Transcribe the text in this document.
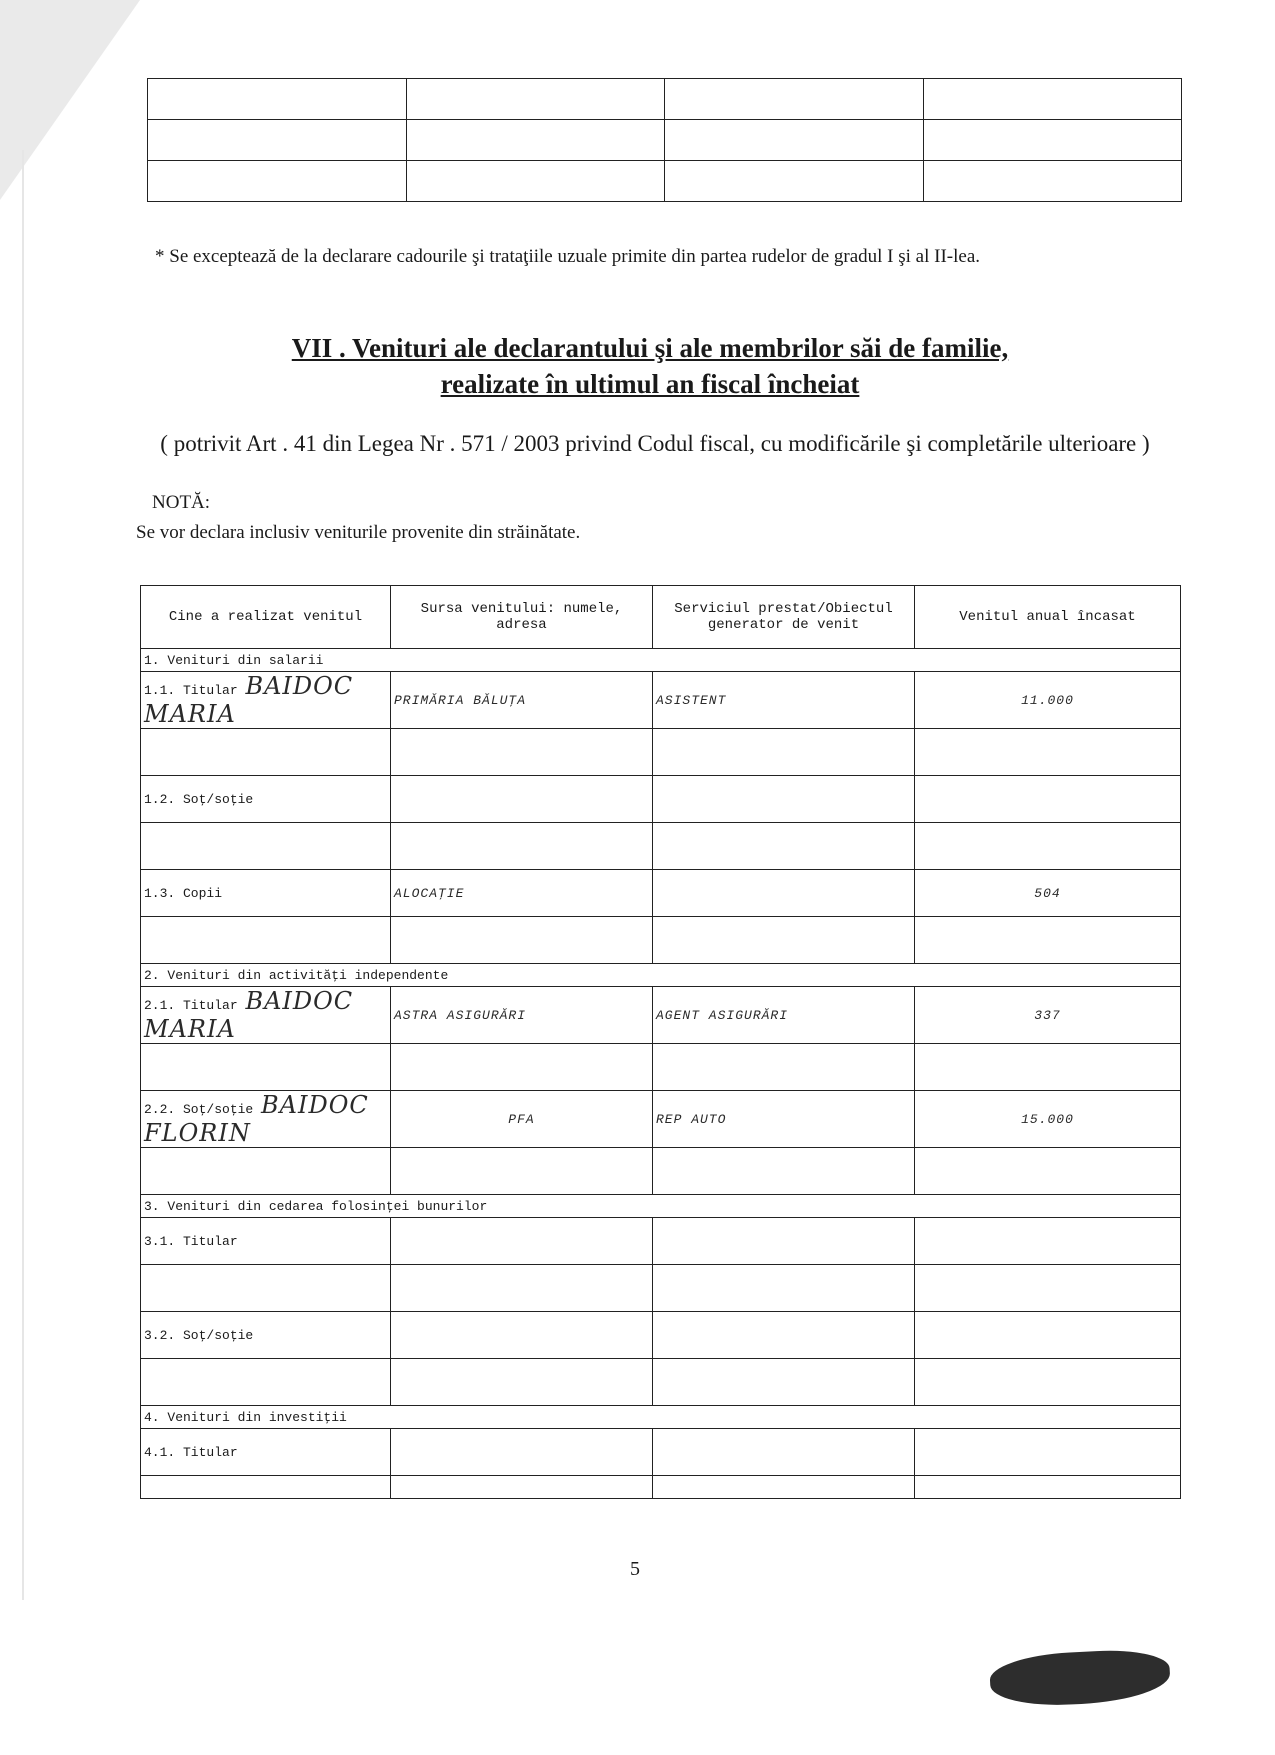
* Se exceptează de la declarare cadourile şi trataţiile uzuale primite din partea rudelor de gradul I şi al II-lea.
VII . Venituri ale declarantului şi ale membrilor săi de familie,
realizate în ultimul an fiscal încheiat
( potrivit Art . 41 din Legea Nr . 571 / 2003 privind Codul fiscal, cu modificările şi completările ulterioare )
NOTĂ:
Se vor declara inclusiv veniturile provenite din străinătate.
Cine a realizat venitul	Sursa venitului: numele, adresa	Serviciul prestat/Obiectul generator de venit	Venitul anual încasat
1. Venituri din salarii			
1.1. Titular BAIDOC MARIA	PRIMĂRIA BĂLUŢA	ASISTENT	11.000

1.2. Soţ/soţie			

1.3. Copii	ALOCAŢIE		504

2. Venituri din activităţi independente			
2.1. Titular BAIDOC MARIA	ASTRA ASIGURĂRI	AGENT ASIGURĂRI	337

2.2. Soţ/soţie BAIDOC FLORIN	PFA	REP AUTO	15.000

3. Venituri din cedarea folosinţei bunurilor			
3.1. Titular			

3.2. Soţ/soţie			

4. Venituri din investiţii			
4.1. Titular			

5
